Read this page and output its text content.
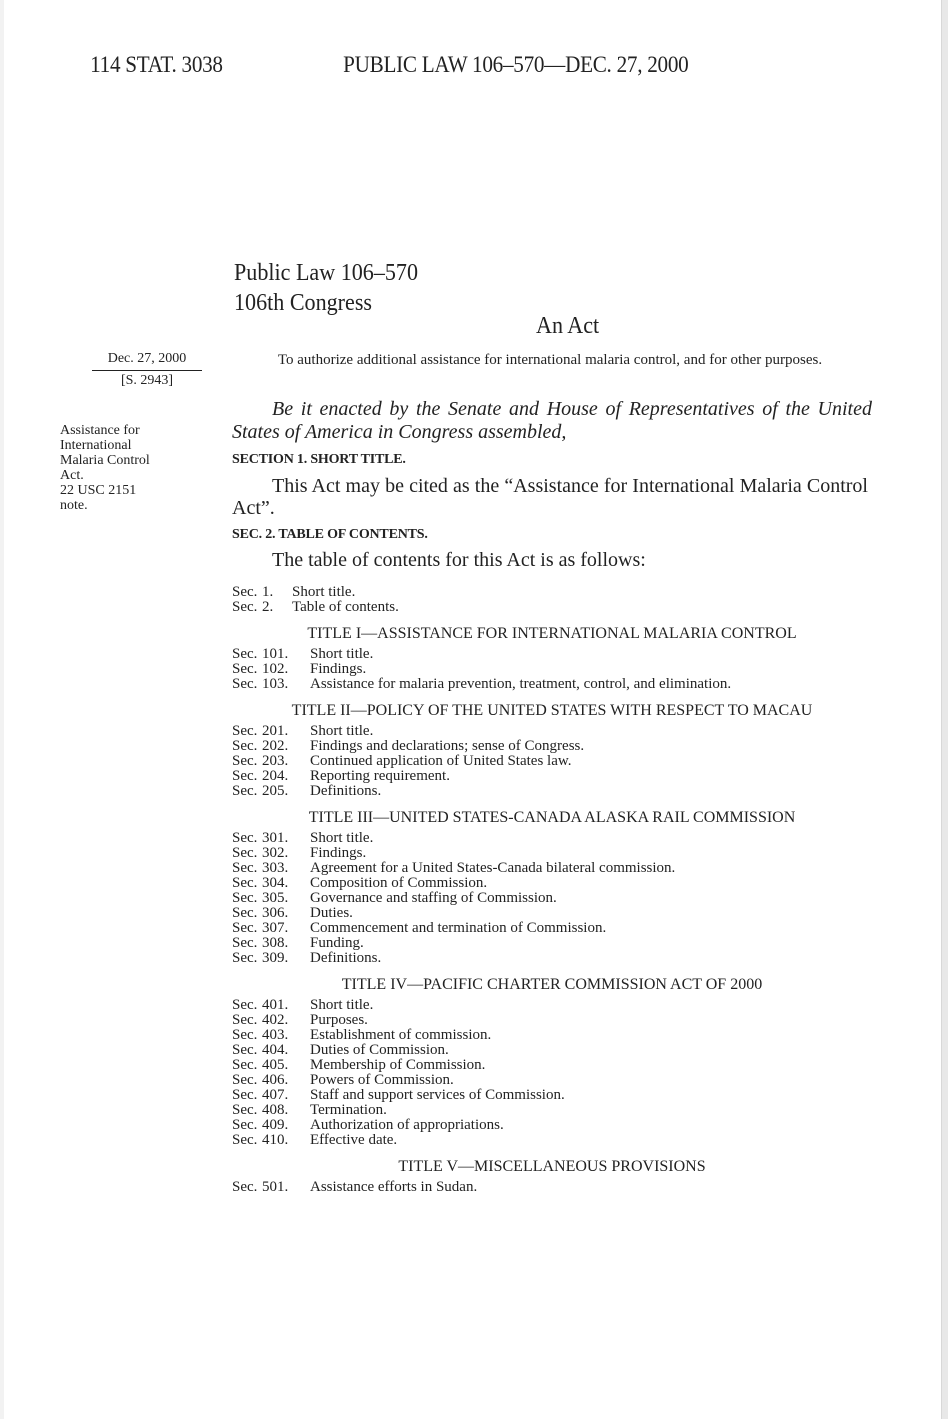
114 STAT. 3038	PUBLIC LAW 106–570—DEC. 27, 2000
Public Law 106–570
106th Congress
An Act
Dec. 27, 2000
[S. 2943]
To authorize additional assistance for international malaria control, and for other purposes.
Assistance for
International
Malaria Control
Act.
22 USC 2151
note.
Be it enacted by the Senate and House of Representatives of the United States of America in Congress assembled,
SECTION 1. SHORT TITLE.
This Act may be cited as the “Assistance for International Malaria Control Act”.
SEC. 2. TABLE OF CONTENTS.
The table of contents for this Act is as follows:
Sec. 1. Short title.
Sec. 2. Table of contents.
TITLE I—ASSISTANCE FOR INTERNATIONAL MALARIA CONTROL
Sec. 101. Short title.
Sec. 102. Findings.
Sec. 103. Assistance for malaria prevention, treatment, control, and elimination.
TITLE II—POLICY OF THE UNITED STATES WITH RESPECT TO MACAU
Sec. 201. Short title.
Sec. 202. Findings and declarations; sense of Congress.
Sec. 203. Continued application of United States law.
Sec. 204. Reporting requirement.
Sec. 205. Definitions.
TITLE III—UNITED STATES-CANADA ALASKA RAIL COMMISSION
Sec. 301. Short title.
Sec. 302. Findings.
Sec. 303. Agreement for a United States-Canada bilateral commission.
Sec. 304. Composition of Commission.
Sec. 305. Governance and staffing of Commission.
Sec. 306. Duties.
Sec. 307. Commencement and termination of Commission.
Sec. 308. Funding.
Sec. 309. Definitions.
TITLE IV—PACIFIC CHARTER COMMISSION ACT OF 2000
Sec. 401. Short title.
Sec. 402. Purposes.
Sec. 403. Establishment of commission.
Sec. 404. Duties of Commission.
Sec. 405. Membership of Commission.
Sec. 406. Powers of Commission.
Sec. 407. Staff and support services of Commission.
Sec. 408. Termination.
Sec. 409. Authorization of appropriations.
Sec. 410. Effective date.
TITLE V—MISCELLANEOUS PROVISIONS
Sec. 501. Assistance efforts in Sudan.
